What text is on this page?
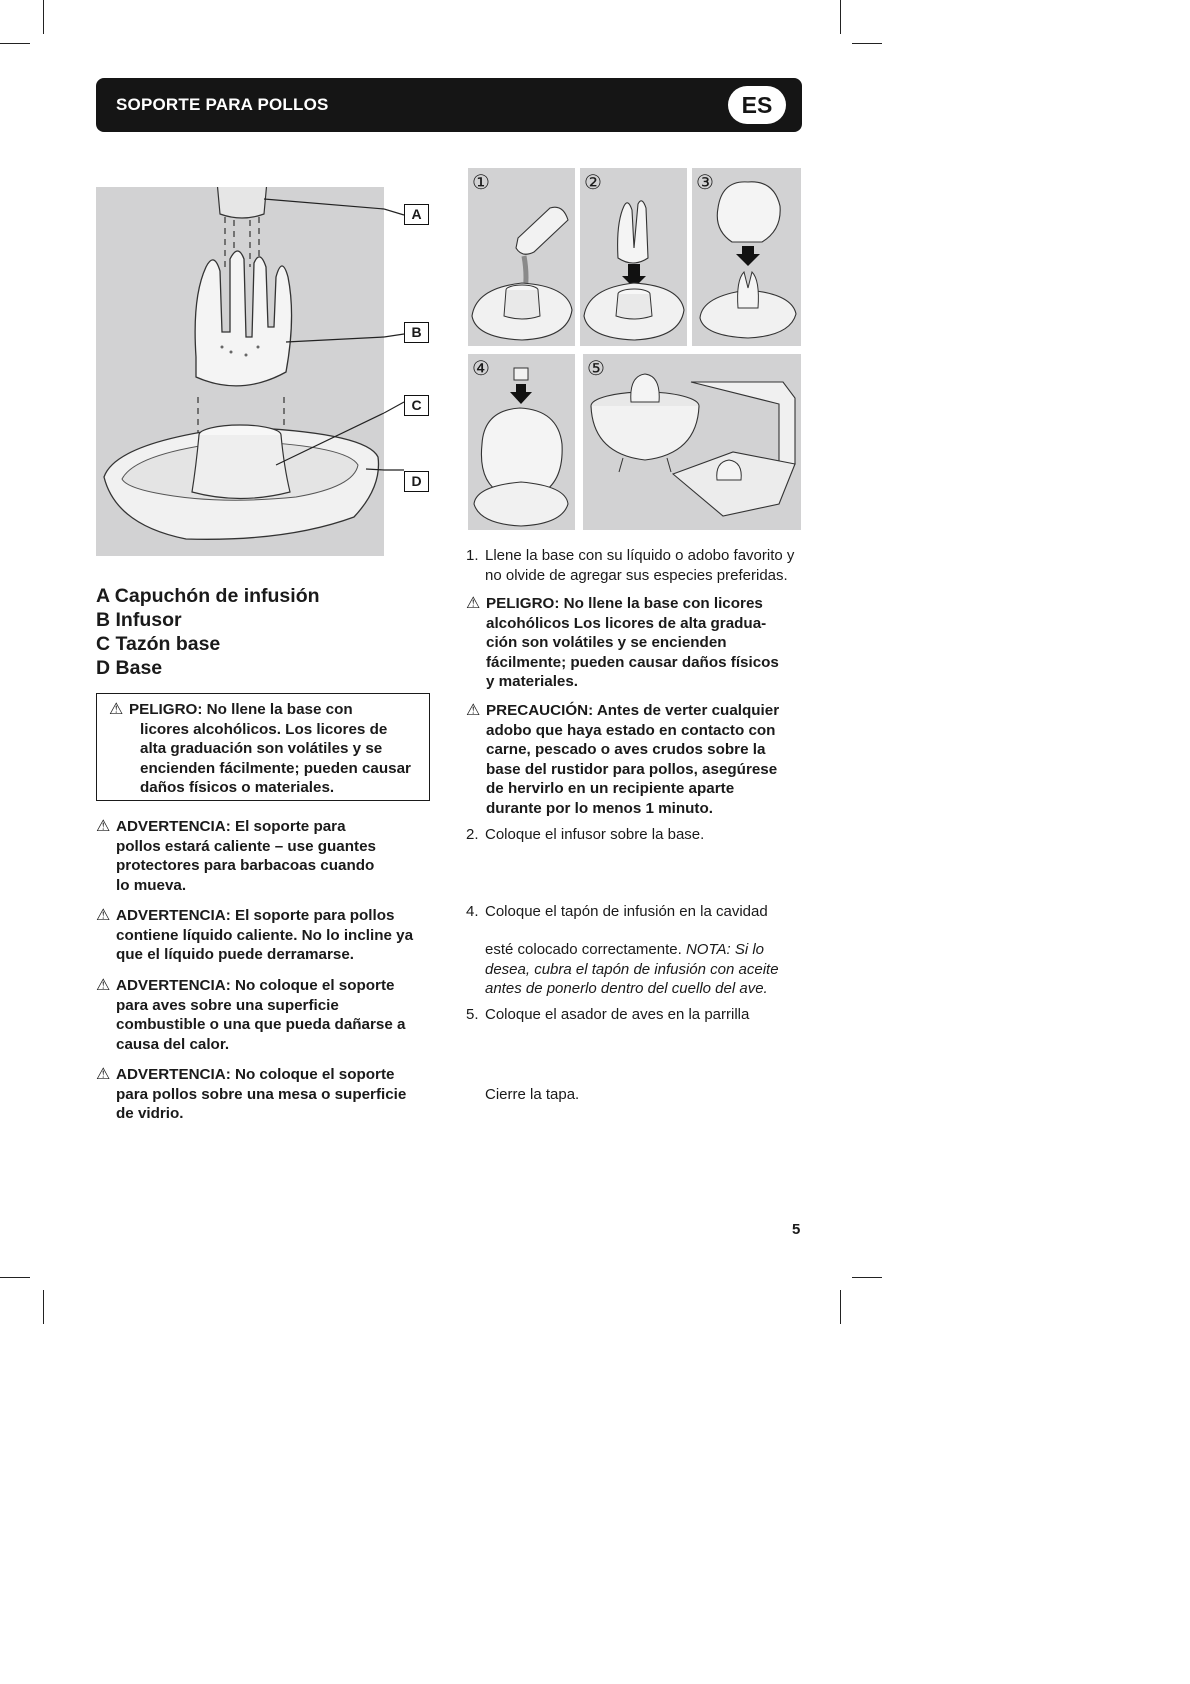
SOPORTE PARA POLLOS	ES
A
B
C
D
A Capuchón de infusión
B Infusor
C Tazón base
D Base
⚠ PELIGRO: No llene la base con
licores alcohólicos. Los licores de
alta graduación son volátiles y se
encienden fácilmente; pueden causar
daños físicos o materiales.
⚠ ADVERTENCIA: El soporte para
pollos estará caliente – use guantes
protectores para barbacoas cuando
lo mueva.
⚠ ADVERTENCIA: El soporte para pollos
contiene líquido caliente. No lo incline ya
que el líquido puede derramarse.
⚠ ADVERTENCIA: No coloque el soporte
para aves sobre una superficie
combustible o una que pueda dañarse a
causa del calor.
⚠ ADVERTENCIA: No coloque el soporte
para pollos sobre una mesa o superficie
de vidrio.
①	②	③
④	⑤
1. Llene la base con su líquido o adobo favorito y
no olvide de agregar sus especies preferidas.
⚠ PELIGRO: No llene la base con licores
alcohólicos Los licores de alta gradua-
ción son volátiles y se encienden
fácilmente; pueden causar daños físicos
y materiales.
⚠ PRECAUCIÓN: Antes de verter cualquier
adobo que haya estado en contacto con
carne, pescado o aves crudos sobre la
base del rustidor para pollos, asegúrese
de hervirlo en un recipiente aparte
durante por lo menos 1 minuto.
2. Coloque el infusor sobre la base.
4. Coloque el tapón de infusión en la cavidad
esté colocado correctamente. NOTA: Si lo
desea, cubra el tapón de infusión con aceite
antes de ponerlo dentro del cuello del ave.
5. Coloque el asador de aves en la parrilla
Cierre la tapa.
5
